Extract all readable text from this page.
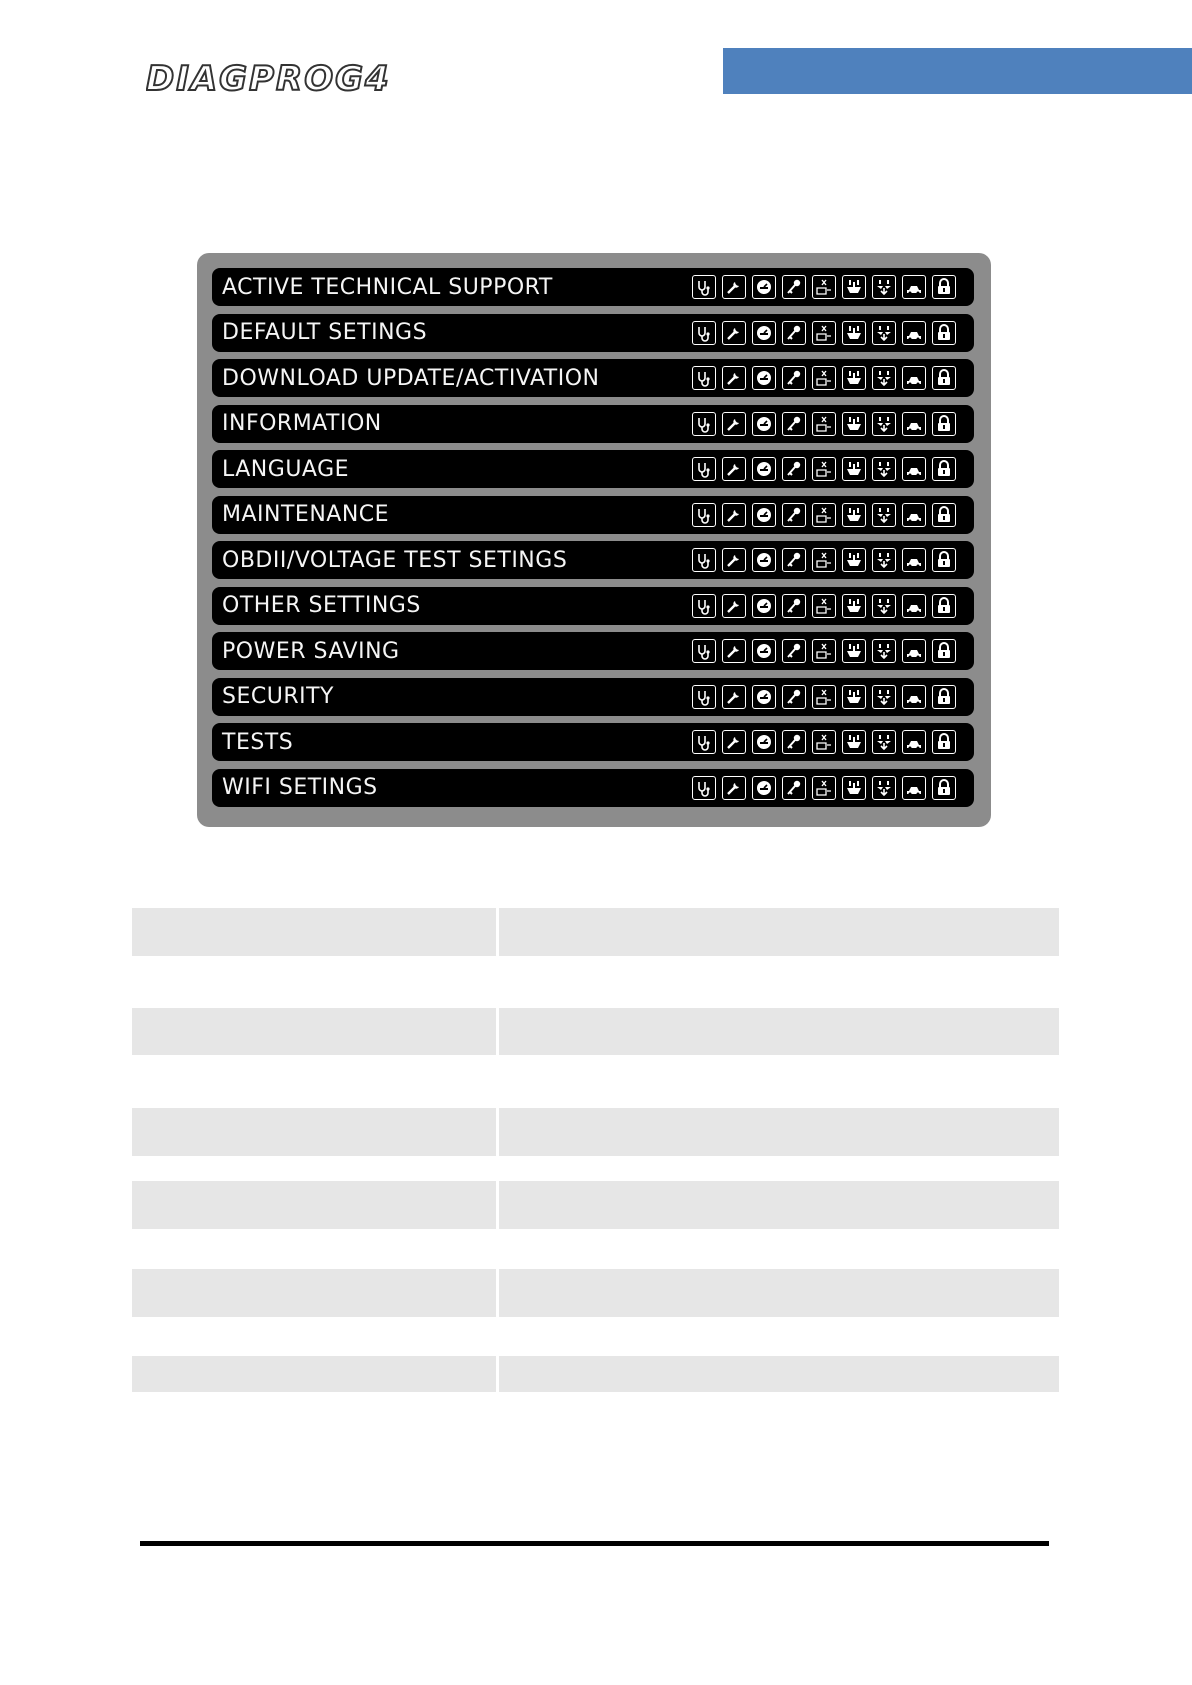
DIAGPROG4
ACTIVE TECHNICAL SUPPORT
DEFAULT SETINGS
DOWNLOAD UPDATE/ACTIVATION
INFORMATION
LANGUAGE
MAINTENANCE
OBDII/VOLTAGE TEST SETINGS
OTHER SETTINGS
POWER SAVING
SECURITY
TESTS
WIFI SETINGS
